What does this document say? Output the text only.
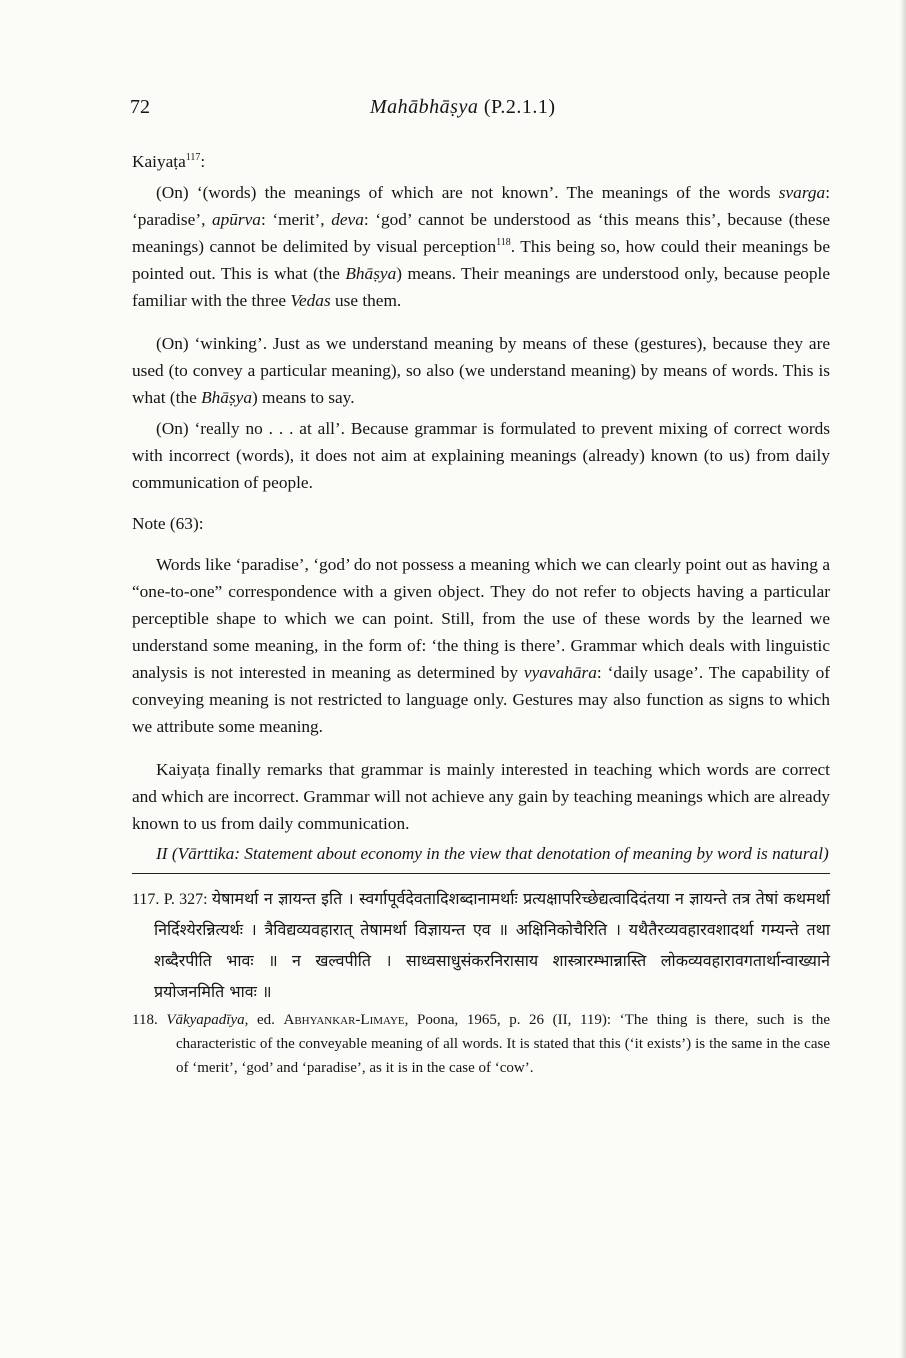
72	Mahābhāṣya (P.2.1.1)

Kaiyaṭa$^{117}$:

(On) ‘(words) the meanings of which are not known’. The meanings of the words svarga: ‘paradise’, apūrva: ‘merit’, deva: ‘god’ cannot be understood as ‘this means this’, because (these meanings) cannot be delimited by visual perception$^{118}$. This being so, how could their meanings be pointed out. This is what (the Bhāṣya) means. Their meanings are understood only, because people familiar with the three Vedas use them.

(On) ‘winking’. Just as we understand meaning by means of these (gestures), because they are used (to convey a particular meaning), so also (we understand meaning) by means of words. This is what (the Bhāṣya) means to say.

(On) ‘really no . . . at all’. Because grammar is formulated to prevent mixing of correct words with incorrect (words), it does not aim at explaining meanings (already) known (to us) from daily communication of people.

Note (63):

Words like ‘paradise’, ‘god’ do not possess a meaning which we can clearly point out as having a “one-to-one” correspondence with a given object. They do not refer to objects having a particular perceptible shape to which we can point. Still, from the use of these words by the learned we understand some meaning, in the form of: ‘the thing is there’. Grammar which deals with linguistic analysis is not interested in meaning as determined by vyavahāra: ‘daily usage’. The capability of conveying meaning is not restricted to language only. Gestures may also function as signs to which we attribute some meaning.

Kaiyaṭa finally remarks that grammar is mainly interested in teaching which words are correct and which are incorrect. Grammar will not achieve any gain by teaching meanings which are already known to us from daily communication.

II (Vārttika: Statement about economy in the view that denotation of meaning by word is natural)

117. P. 327: येषामर्था न ज्ञायन्त इति । स्वर्गापूर्वदेवतादिशब्दानामर्थाः प्रत्यक्षापरिच्छेद्यत्वादिदंतया न ज्ञायन्ते तत्र तेषां कथमर्था निर्दिश्येरन्नित्यर्थः । त्रैविद्यव्यवहारात् तेषामर्था विज्ञायन्त एव ॥ अक्षिनिकोचैरिति । यथैतैरव्यवहारवशादर्था गम्यन्ते तथा शब्दैरपीति भावः ॥ न खल्वपीति । साध्वसाधुसंकरनिरासाय शास्त्रारम्भान्नास्ति लोकव्यवहारावगतार्थान्वाख्याने प्रयोजनमिति भावः ॥

118. Vākyapadīya, ed. Abhyankar-Limaye, Poona, 1965, p. 26 (II, 119): ‘The thing is there, such is the characteristic of the conveyable meaning of all words. It is stated that this (‘it exists’) is the same in the case of ‘merit’, ‘god’ and ‘paradise’, as it is in the case of ‘cow’.
